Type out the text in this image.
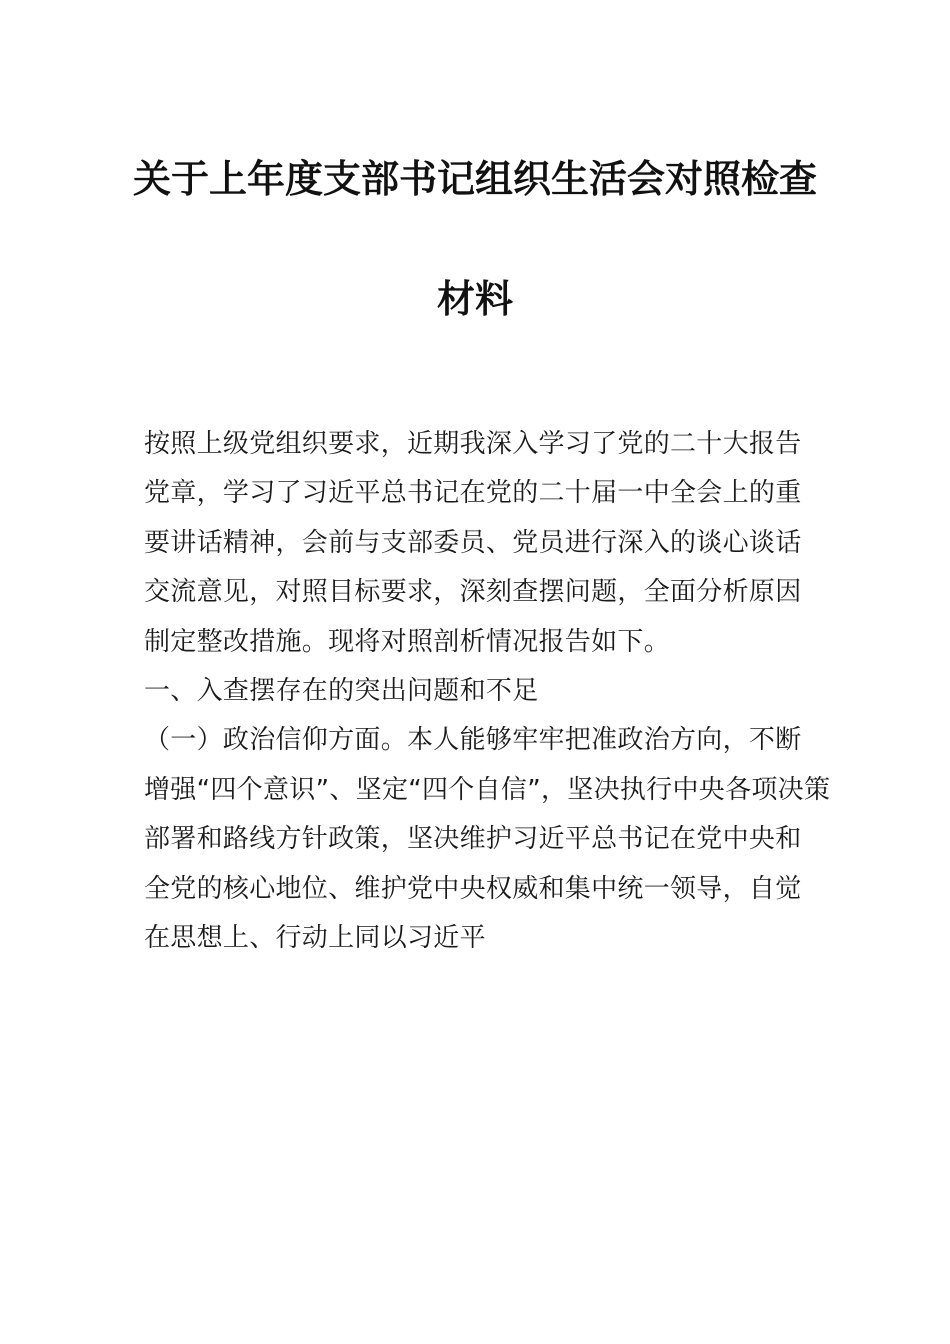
关于上年度支部书记组织生活会对照检查
材料
按照上级党组织要求，近期我深入学习了党的二十大报告
党章，学习了习近平总书记在党的二十届一中全会上的重
要讲话精神，会前与支部委员、党员进行深入的谈心谈话
交流意见，对照目标要求，深刻查摆问题，全面分析原因
制定整改措施。现将对照剖析情况报告如下。
一、入查摆存在的突出问题和不足
（一）政治信仰方面。本人能够牢牢把准政治方向，不断
增强“四个意识”、坚定“四个自信”，坚决执行中央各项决策
部署和路线方针政策，坚决维护习近平总书记在党中央和
全党的核心地位、维护党中央权威和集中统一领导，自觉
在思想上、行动上同以习近平
